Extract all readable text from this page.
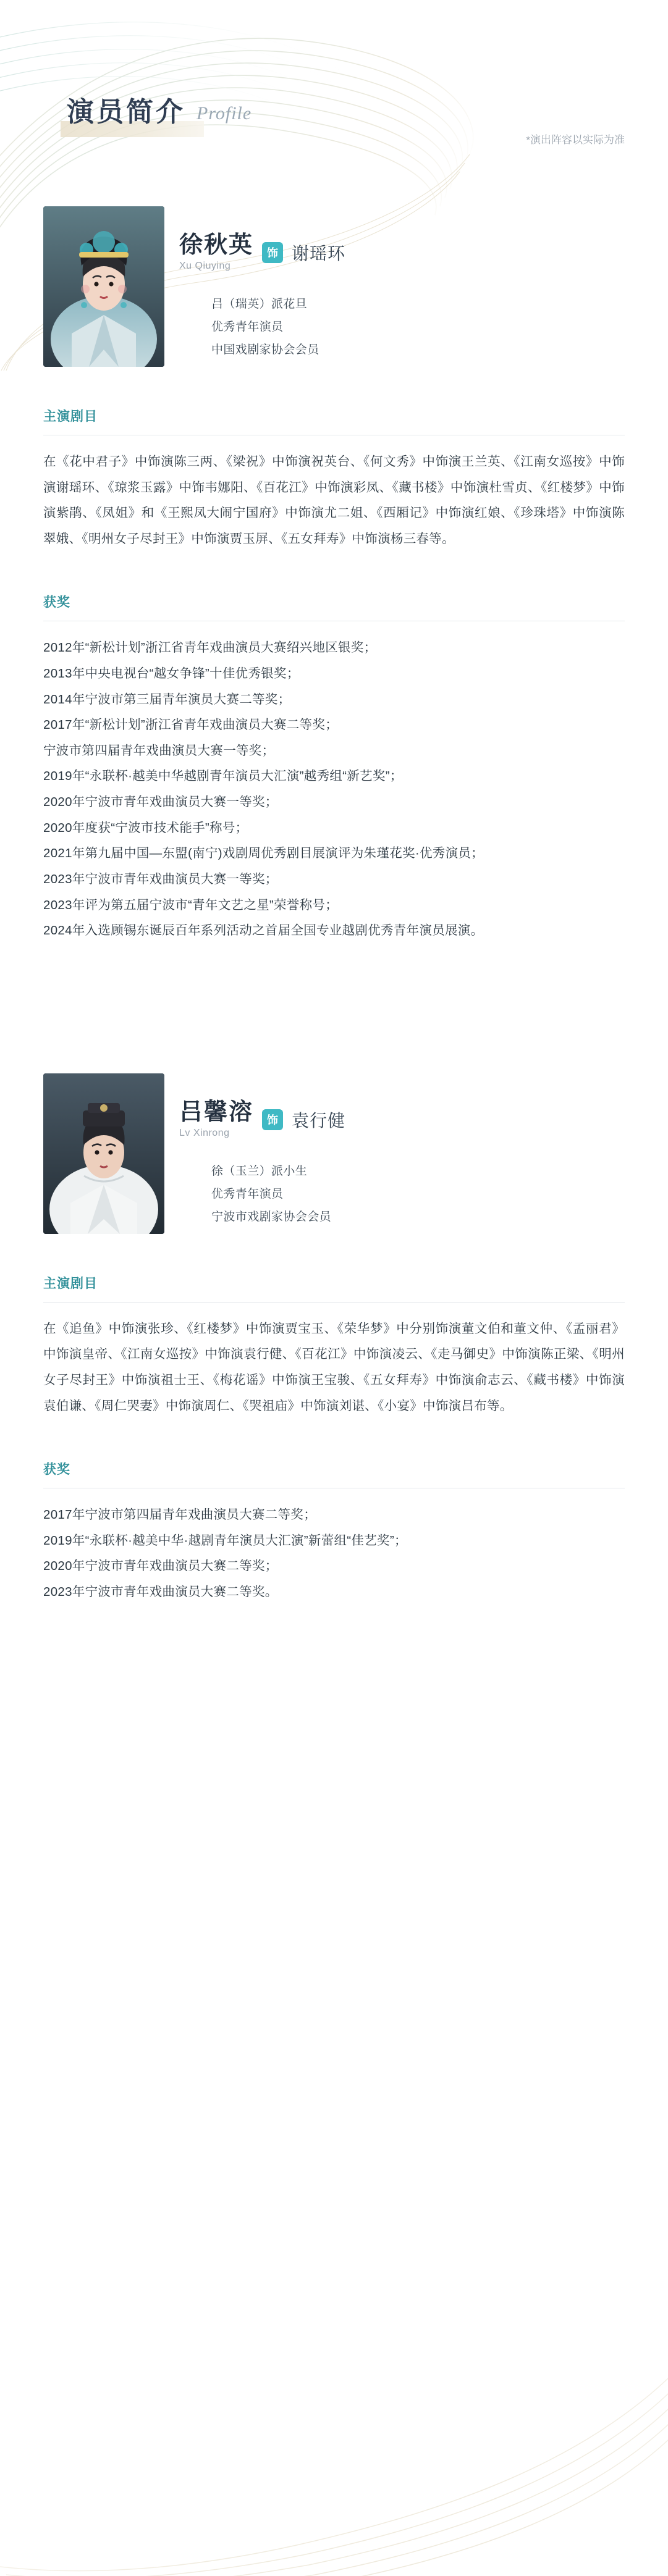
演员简介 Profile
*演出阵容以实际为准
徐秋英
Xu Qiuying
饰 谢瑶环
吕（瑞英）派花旦
优秀青年演员
中国戏剧家协会会员
主演剧目
在《花中君子》中饰演陈三两、《梁祝》中饰演祝英台、《何文秀》中饰演王兰英、《江南女巡按》中饰演谢瑶环、《琼浆玉露》中饰韦娜阳、《百花江》中饰演彩凤、《藏书楼》中饰演杜雪贞、《红楼梦》中饰演紫鹃、《凤姐》和《王熙凤大闹宁国府》中饰演尤二姐、《西厢记》中饰演红娘、《珍珠塔》中饰演陈翠娥、《明州女子尽封王》中饰演贾玉屏、《五女拜寿》中饰演杨三春等。
获奖
2012年“新松计划”浙江省青年戏曲演员大赛绍兴地区银奖；
2013年中央电视台“越女争锋”十佳优秀银奖；
2014年宁波市第三届青年演员大赛二等奖；
2017年“新松计划”浙江省青年戏曲演员大赛二等奖；
宁波市第四届青年戏曲演员大赛一等奖；
2019年“永联杯·越美中华越剧青年演员大汇演”越秀组“新艺奖”；
2020年宁波市青年戏曲演员大赛一等奖；
2020年度获“宁波市技术能手”称号；
2021年第九届中国—东盟(南宁)戏剧周优秀剧目展演评为朱瑾花奖·优秀演员；
2023年宁波市青年戏曲演员大赛一等奖；
2023年评为第五届宁波市“青年文艺之星”荣誉称号；
2024年入选顾锡东诞辰百年系列活动之首届全国专业越剧优秀青年演员展演。
吕馨溶
Lv Xinrong
饰 袁行健
徐（玉兰）派小生
优秀青年演员
宁波市戏剧家协会会员
主演剧目
在《追鱼》中饰演张珍、《红楼梦》中饰演贾宝玉、《荣华梦》中分别饰演董文伯和董文仲、《孟丽君》中饰演皇帝、《江南女巡按》中饰演袁行健、《百花江》中饰演凌云、《走马御史》中饰演陈正梁、《明州女子尽封王》中饰演祖士王、《梅花谣》中饰演王宝骏、《五女拜寿》中饰演俞志云、《藏书楼》中饰演袁伯谦、《周仁哭妻》中饰演周仁、《哭祖庙》中饰演刘谌、《小宴》中饰演吕布等。
获奖
2017年宁波市第四届青年戏曲演员大赛二等奖；
2019年“永联杯·越美中华·越剧青年演员大汇演”新蕾组“佳艺奖”；
2020年宁波市青年戏曲演员大赛二等奖；
2023年宁波市青年戏曲演员大赛二等奖。
